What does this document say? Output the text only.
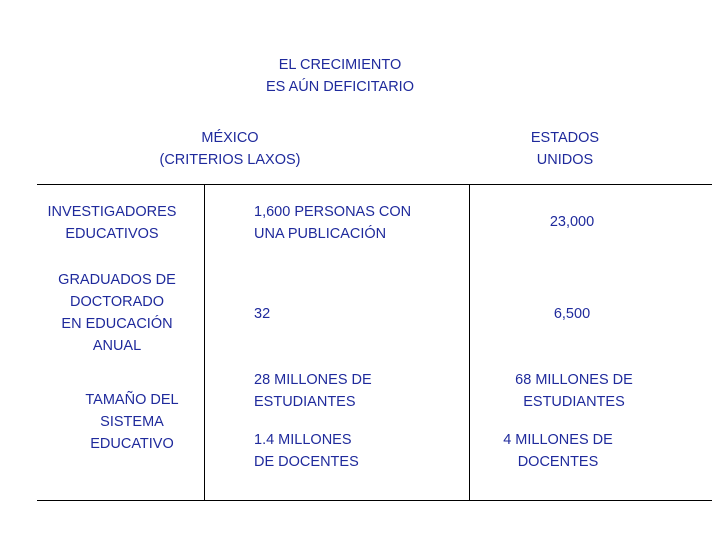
EL CRECIMIENTO
ES AÚN DEFICITARIO
MÉXICO
(CRITERIOS LAXOS)
ESTADOS
UNIDOS
INVESTIGADORES
EDUCATIVOS
1,600 PERSONAS CON
UNA PUBLICACIÓN
23,000
GRADUADOS DE
DOCTORADO
EN EDUCACIÓN
ANUAL
32	6,500
TAMAÑO DEL
SISTEMA
EDUCATIVO
28 MILLONES DE
ESTUDIANTES
68 MILLONES DE
ESTUDIANTES
1.4 MILLONES
DE DOCENTES
4 MILLONES DE
DOCENTES
